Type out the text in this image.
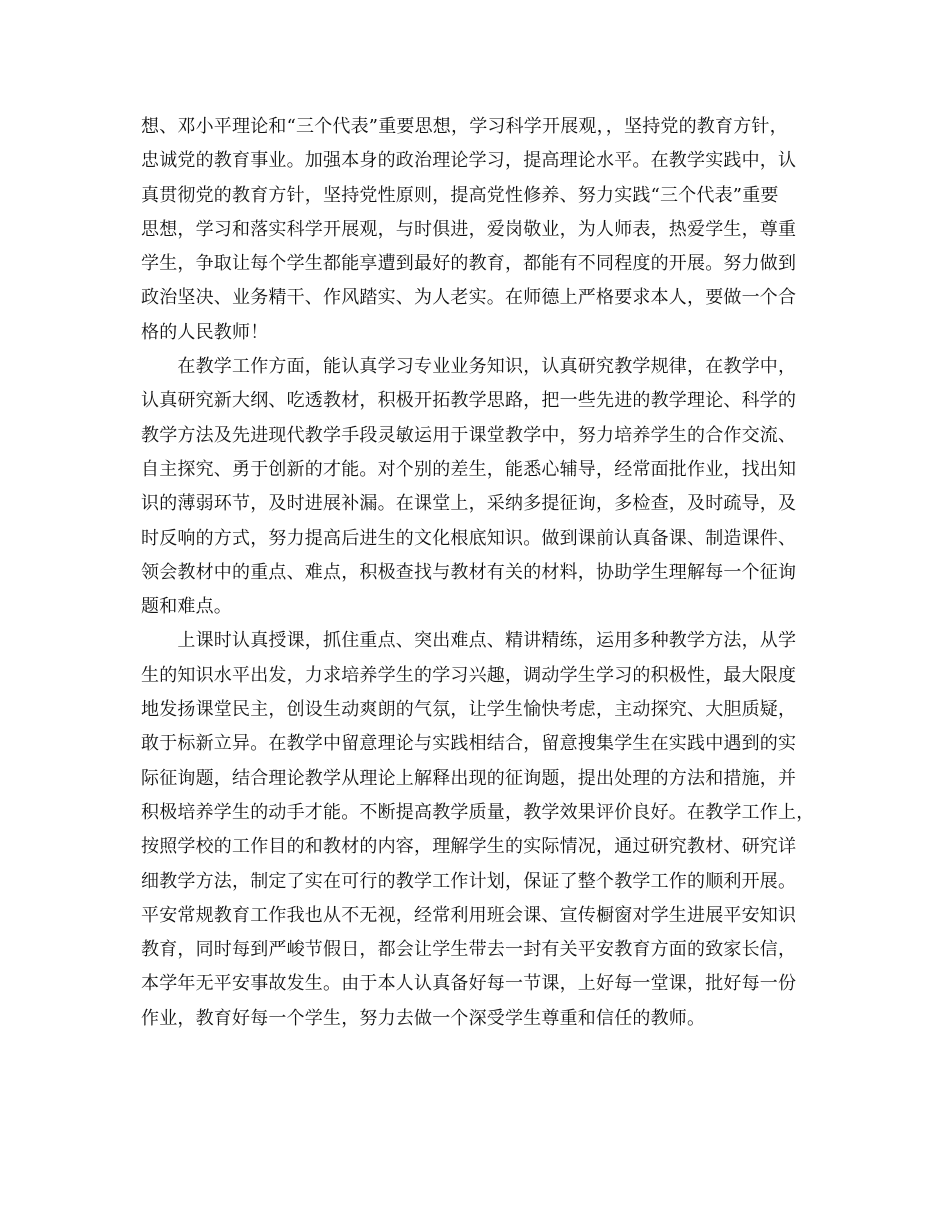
想、邓小平理论和“三个代表”重要思想，学习科学开展观，，坚持党的教育方针，
忠诚党的教育事业。加强本身的政治理论学习，提高理论水平。在教学实践中，认
真贯彻党的教育方针，坚持党性原则，提高党性修养、努力实践“三个代表”重要
思想，学习和落实科学开展观，与时俱进，爱岗敬业，为人师表，热爱学生，尊重
学生，争取让每个学生都能享遭到最好的教育，都能有不同程度的开展。努力做到
政治坚决、业务精干、作风踏实、为人老实。在师德上严格要求本人，要做一个合
格的人民教师！
　　在教学工作方面，能认真学习专业业务知识，认真研究教学规律，在教学中，
认真研究新大纲、吃透教材，积极开拓教学思路，把一些先进的教学理论、科学的
教学方法及先进现代教学手段灵敏运用于课堂教学中，努力培养学生的合作交流、
自主探究、勇于创新的才能。对个别的差生，能悉心辅导，经常面批作业，找出知
识的薄弱环节，及时进展补漏。在课堂上，采纳多提征询，多检查，及时疏导，及
时反响的方式，努力提高后进生的文化根底知识。做到课前认真备课、制造课件、
领会教材中的重点、难点，积极查找与教材有关的材料，协助学生理解每一个征询
题和难点。
　　上课时认真授课，抓住重点、突出难点、精讲精练，运用多种教学方法，从学
生的知识水平出发，力求培养学生的学习兴趣，调动学生学习的积极性，最大限度
地发扬课堂民主，创设生动爽朗的气氛，让学生愉快考虑，主动探究、大胆质疑，
敢于标新立异。在教学中留意理论与实践相结合，留意搜集学生在实践中遇到的实
际征询题，结合理论教学从理论上解释出现的征询题，提出处理的方法和措施，并
积极培养学生的动手才能。不断提高教学质量，教学效果评价良好。在教学工作上，
按照学校的工作目的和教材的内容，理解学生的实际情况，通过研究教材、研究详
细教学方法，制定了实在可行的教学工作计划，保证了整个教学工作的顺利开展。
平安常规教育工作我也从不无视，经常利用班会课、宣传橱窗对学生进展平安知识
教育，同时每到严峻节假日，都会让学生带去一封有关平安教育方面的致家长信，
本学年无平安事故发生。由于本人认真备好每一节课，上好每一堂课，批好每一份
作业，教育好每一个学生，努力去做一个深受学生尊重和信任的教师。
